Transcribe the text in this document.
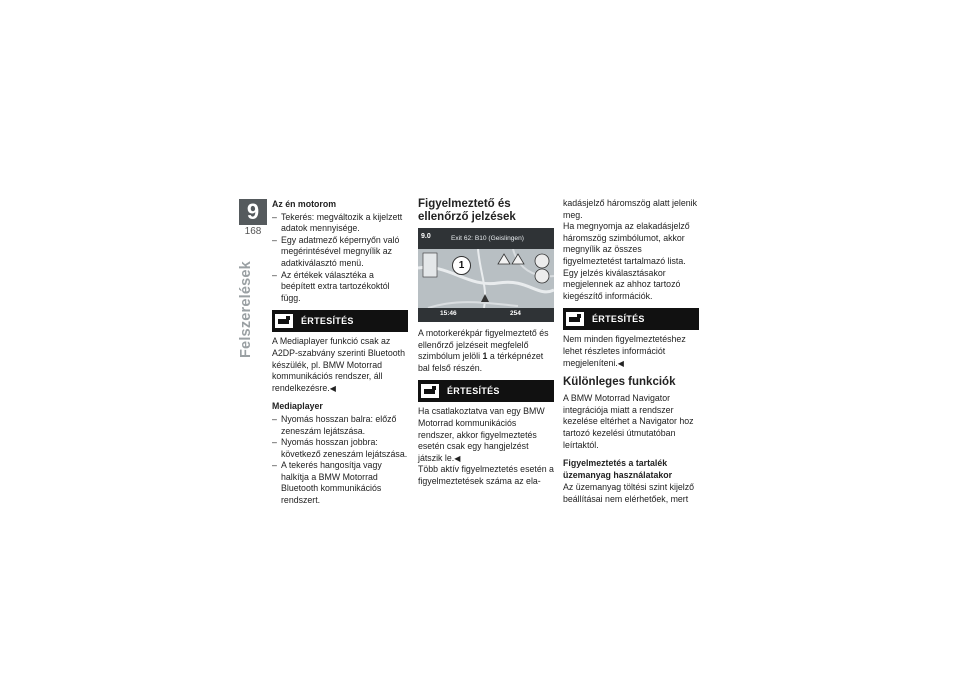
9
168
Felszerelések
Az én motorom
– Tekerés: megváltozik a kijelzett adatok mennyisége.
– Egy adatmező képernyőn való megérintésével megnyílik az adatkiválasztó menü.
– Az értékek választéka a beépített extra tartozékoktól függ.
ÉRTESÍTÉS

A Mediaplayer funkció csak az A2DP-szabvány szerinti Bluetooth készülék, pl. BMW Motorrad kommunikációs rendszer, áll rendelkezésre.◀

Mediaplayer
– Nyomás hosszan balra: előző zeneszám lejátszása.
– Nyomás hosszan jobbra: következő zeneszám lejátszása.
– A tekerés hangosítja vagy halkítja a BMW Motorrad Bluetooth kommunikációs rendszert.
Figyelmeztető és ellenőrző jelzések
9.0	Exit 62: B10 (Geislingen)
1
15:46	254

A motorkerékpár figyelmeztető és ellenőrző jelzéseit megfelelő szimbólum jelöli 1 a térképnézet bal felső részén.

ÉRTESÍTÉS

Ha csatlakoztatva van egy BMW Motorrad kommunikációs rendszer, akkor figyelmeztetés esetén csak egy hangjelzést játszik le.◀

Több aktív figyelmeztetés esetén a figyelmeztetések száma az ela-

kadásjelző háromszög alatt jelenik meg.

Ha megnyomja az elakadásjelző háromszög szimbólumot, akkor megnyílik az összes figyelmeztetést tartalmazó lista.

Egy jelzés kiválasztásakor megjelennek az ahhoz tartozó kiegészítő információk.

ÉRTESÍTÉS

Nem minden figyelmeztetéshez lehet részletes információt megjeleníteni.◀

Különleges funkciók

A BMW Motorrad Navigator integrációja miatt a rendszer kezelése eltérhet a Navigator hoz tartozó kezelési útmutatóban leírtaktól.

Figyelmeztetés a tartalék üzemanyag használatakor

Az üzemanyag töltési szint kijelző beállításai nem elérhetőek, mert
